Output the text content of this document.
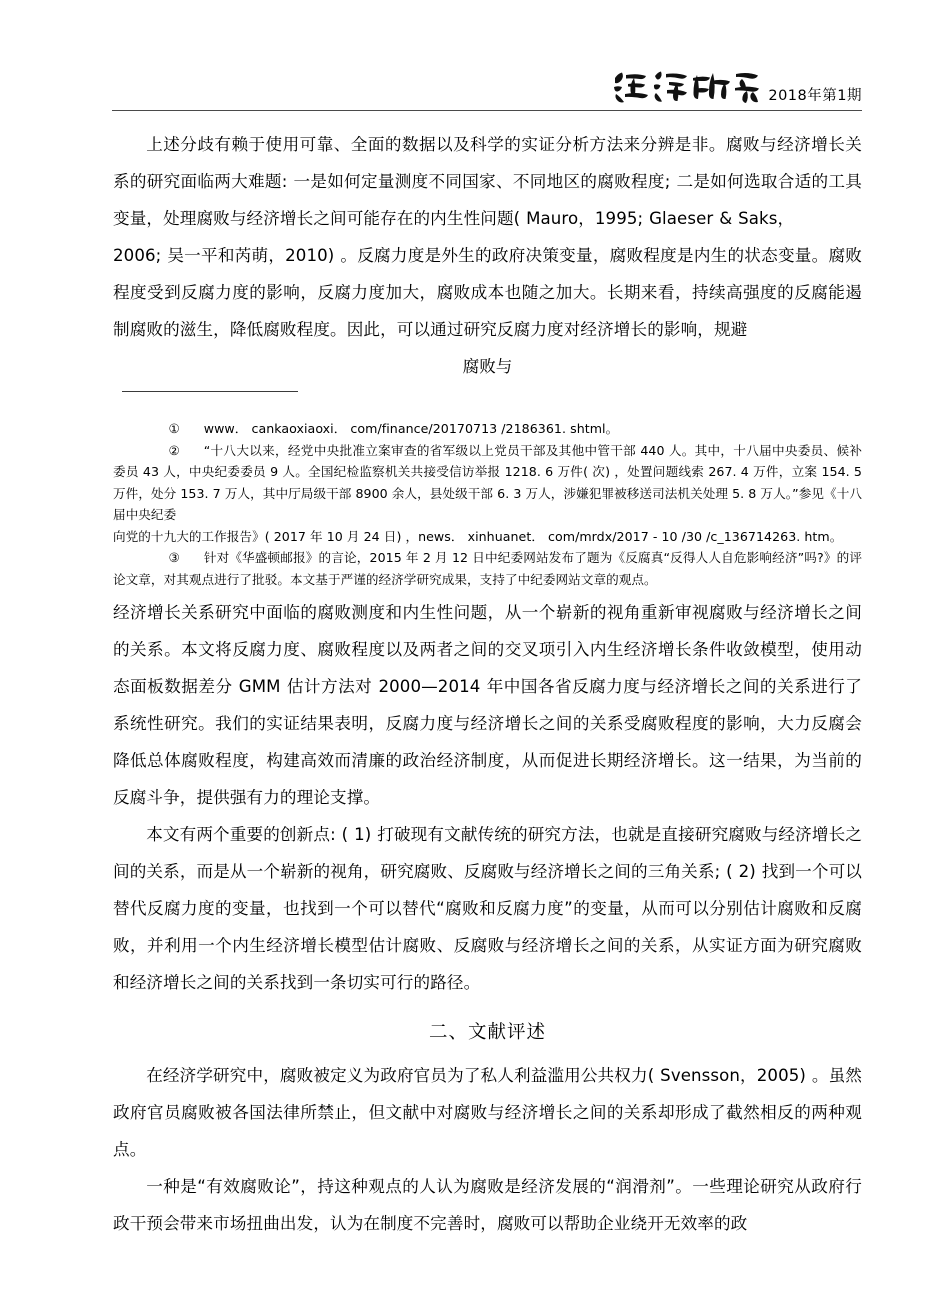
2018年第1期

上述分歧有赖于使用可靠、全面的数据以及科学的实证分析方法来分辨是非。腐败与经济增长关系的研究面临两大难题: 一是如何定量测度不同国家、不同地区的腐败程度; 二是如何选取合适的工具变量，处理腐败与经济增长之间可能存在的内生性问题( Mauro，1995; Glaeser & Saks，

2006; 吴一平和芮萌，2010) 。反腐力度是外生的政府决策变量，腐败程度是内生的状态变量。腐败程度受到反腐力度的影响，反腐力度加大，腐败成本也随之加大。长期来看，持续高强度的反腐能遏制腐败的滋生，降低腐败程度。因此，可以通过研究反腐力度对经济增长的影响，规避

腐败与

① www． cankaoxiaoxi． com/finance/20170713 /2186361. shtml。

② “十八大以来，经党中央批准立案审查的省军级以上党员干部及其他中管干部 440 人。其中，十八届中央委员、候补委员 43 人，中央纪委委员 9 人。全国纪检监察机关共接受信访举报 1218. 6 万件( 次) ，处置问题线索 267. 4 万件，立案 154. 5 万件，处分 153. 7 万人，其中厅局级干部 8900 余人，县处级干部 6. 3 万人，涉嫌犯罪被移送司法机关处理 5. 8 万人。”参见《十八届中央纪委

向党的十九大的工作报告》( 2017 年 10 月 24 日) ，news． xinhuanet． com/mrdx/2017 - 10 /30 /c_136714263. htm。

③ 针对《华盛顿邮报》的言论，2015 年 2 月 12 日中纪委网站发布了题为《反腐真“反得人人自危影响经济”吗?》的评论文章，对其观点进行了批驳。本文基于严谨的经济学研究成果，支持了中纪委网站文章的观点。

经济增长关系研究中面临的腐败测度和内生性问题，从一个崭新的视角重新审视腐败与经济增长之间的关系。本文将反腐力度、腐败程度以及两者之间的交叉项引入内生经济增长条件收敛模型，使用动态面板数据差分 GMM 估计方法对 2000—2014 年中国各省反腐力度与经济增长之间的关系进行了系统性研究。我们的实证结果表明，反腐力度与经济增长之间的关系受腐败程度的影响，大力反腐会降低总体腐败程度，构建高效而清廉的政治经济制度，从而促进长期经济增长。这一结果，为当前的反腐斗争，提供强有力的理论支撑。

本文有两个重要的创新点: ( 1) 打破现有文献传统的研究方法，也就是直接研究腐败与经济增长之间的关系，而是从一个崭新的视角，研究腐败、反腐败与经济增长之间的三角关系; ( 2) 找到一个可以替代反腐力度的变量，也找到一个可以替代“腐败和反腐力度”的变量，从而可以分别估计腐败和反腐败，并利用一个内生经济增长模型估计腐败、反腐败与经济增长之间的关系，从实证方面为研究腐败和经济增长之间的关系找到一条切实可行的路径。

二、文献评述

在经济学研究中，腐败被定义为政府官员为了私人利益滥用公共权力( Svensson，2005) 。虽然政府官员腐败被各国法律所禁止，但文献中对腐败与经济增长之间的关系却形成了截然相反的两种观点。

一种是“有效腐败论”，持这种观点的人认为腐败是经济发展的“润滑剂”。一些理论研究从政府行政干预会带来市场扭曲出发，认为在制度不完善时，腐败可以帮助企业绕开无效率的政
